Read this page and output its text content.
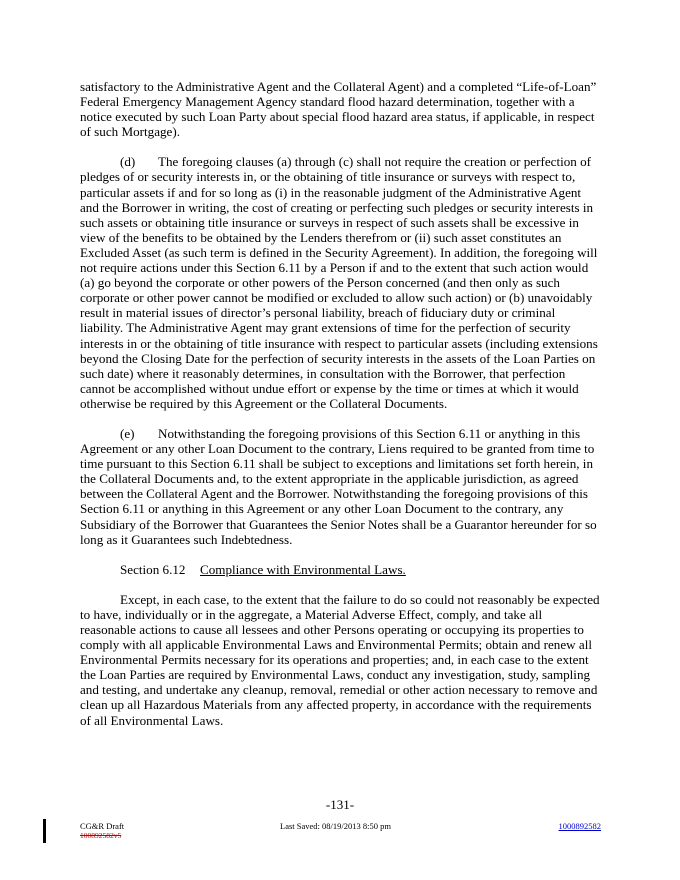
satisfactory to the Administrative Agent and the Collateral Agent) and a completed “Life-of-Loan” Federal Emergency Management Agency standard flood hazard determination, together with a notice executed by such Loan Party about special flood hazard area status, if applicable, in respect of such Mortgage).

(d) The foregoing clauses (a) through (c) shall not require the creation or perfection of pledges of or security interests in, or the obtaining of title insurance or surveys with respect to, particular assets if and for so long as (i) in the reasonable judgment of the Administrative Agent and the Borrower in writing, the cost of creating or perfecting such pledges or security interests in such assets or obtaining title insurance or surveys in respect of such assets shall be excessive in view of the benefits to be obtained by the Lenders therefrom or (ii) such asset constitutes an Excluded Asset (as such term is defined in the Security Agreement). In addition, the foregoing will not require actions under this Section 6.11 by a Person if and to the extent that such action would (a) go beyond the corporate or other powers of the Person concerned (and then only as such corporate or other power cannot be modified or excluded to allow such action) or (b) unavoidably result in material issues of director’s personal liability, breach of fiduciary duty or criminal liability. The Administrative Agent may grant extensions of time for the perfection of security interests in or the obtaining of title insurance with respect to particular assets (including extensions beyond the Closing Date for the perfection of security interests in the assets of the Loan Parties on such date) where it reasonably determines, in consultation with the Borrower, that perfection cannot be accomplished without undue effort or expense by the time or times at which it would otherwise be required by this Agreement or the Collateral Documents.

(e) Notwithstanding the foregoing provisions of this Section 6.11 or anything in this Agreement or any other Loan Document to the contrary, Liens required to be granted from time to time pursuant to this Section 6.11 shall be subject to exceptions and limitations set forth herein, in the Collateral Documents and, to the extent appropriate in the applicable jurisdiction, as agreed between the Collateral Agent and the Borrower. Notwithstanding the foregoing provisions of this Section 6.11 or anything in this Agreement or any other Loan Document to the contrary, any Subsidiary of the Borrower that Guarantees the Senior Notes shall be a Guarantor hereunder for so long as it Guarantees such Indebtedness.

Section 6.12 Compliance with Environmental Laws.

Except, in each case, to the extent that the failure to do so could not reasonably be expected to have, individually or in the aggregate, a Material Adverse Effect, comply, and take all reasonable actions to cause all lessees and other Persons operating or occupying its properties to comply with all applicable Environmental Laws and Environmental Permits; obtain and renew all Environmental Permits necessary for its operations and properties; and, in each case to the extent the Loan Parties are required by Environmental Laws, conduct any investigation, study, sampling and testing, and undertake any cleanup, removal, remedial or other action necessary to remove and clean up all Hazardous Materials from any affected property, in accordance with the requirements of all Environmental Laws.

-131-
CG&R Draft
100892582v5
Last Saved: 08/19/2013 8:50 pm	1000892582
